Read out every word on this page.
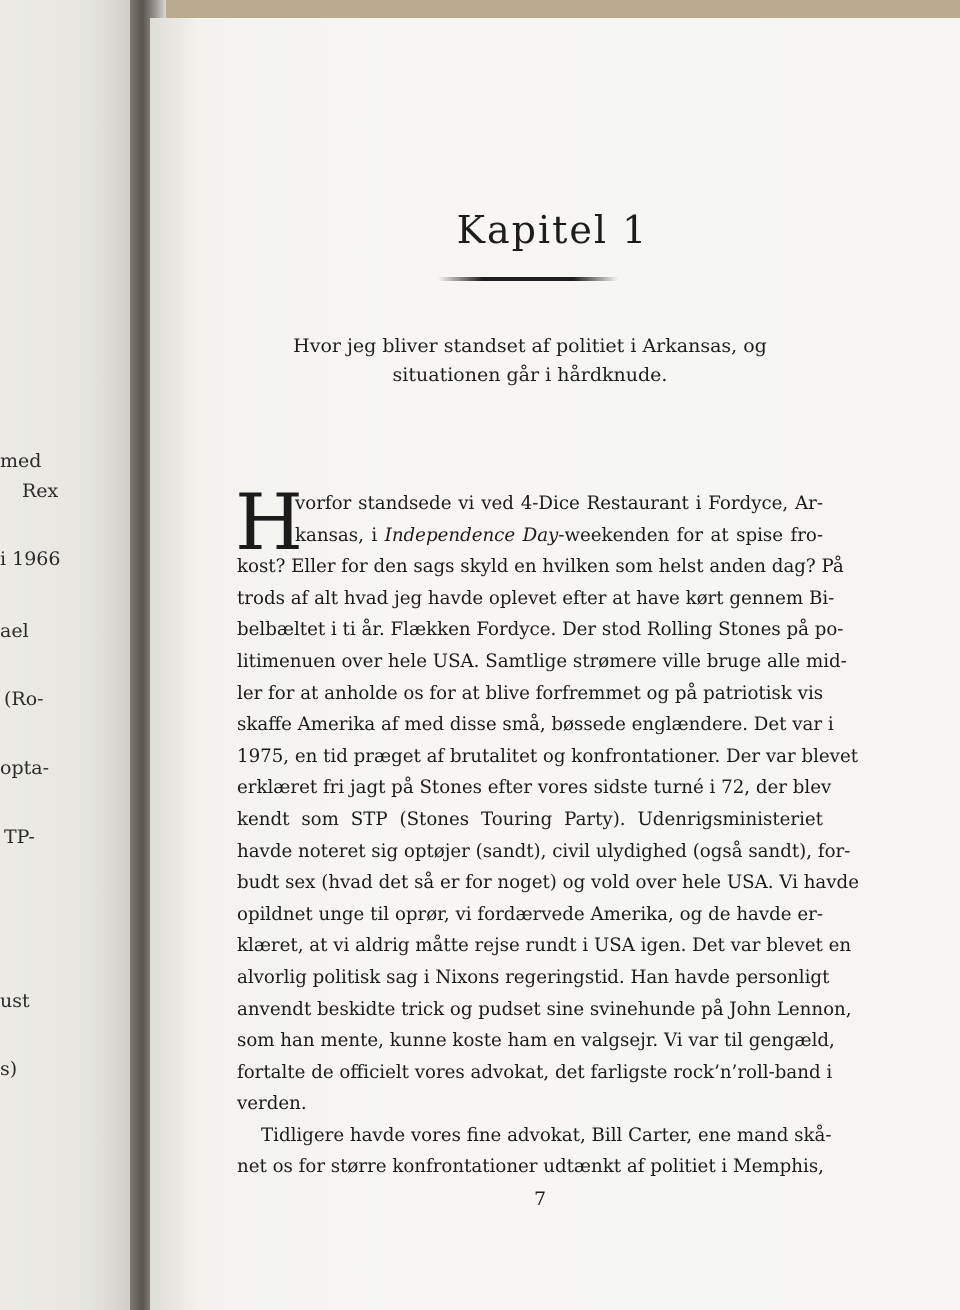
med
Rex
i 1966
ael
(Ro-
opta-
TP-
ust
s)
Kapitel 1
Hvor jeg bliver standset af politiet i Arkansas, og
situationen går i hårdknude.
H
vorfor standsede vi ved 4-Dice Restaurant i Fordyce, Ar-
kansas, i Independence Day-weekenden for at spise fro-
kost? Eller for den sags skyld en hvilken som helst anden dag? På
trods af alt hvad jeg havde oplevet efter at have kørt gennem Bi-
belbæltet i ti år. Flækken Fordyce. Der stod Rolling Stones på po-
litimenuen over hele USA. Samtlige strømere ville bruge alle mid-
ler for at anholde os for at blive forfremmet og på patriotisk vis
skaffe Amerika af med disse små, bøssede englændere. Det var i
1975, en tid præget af brutalitet og konfrontationer. Der var blevet
erklæret fri jagt på Stones efter vores sidste turné i 72, der blev
kendt som STP (Stones Touring Party). Udenrigsministeriet
havde noteret sig optøjer (sandt), civil ulydighed (også sandt), for-
budt sex (hvad det så er for noget) og vold over hele USA. Vi havde
opildnet unge til oprør, vi fordærvede Amerika, og de havde er-
klæret, at vi aldrig måtte rejse rundt i USA igen. Det var blevet en
alvorlig politisk sag i Nixons regeringstid. Han havde personligt
anvendt beskidte trick og pudset sine svinehunde på John Lennon,
som han mente, kunne koste ham en valgsejr. Vi var til gengæld,
fortalte de officielt vores advokat, det farligste rock’n’roll-band i
verden.
Tidligere havde vores fine advokat, Bill Carter, ene mand skå-
net os for større konfrontationer udtænkt af politiet i Memphis,
7
